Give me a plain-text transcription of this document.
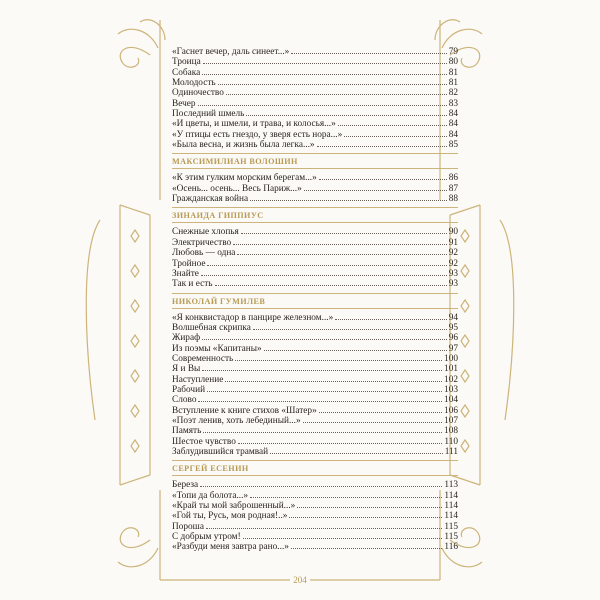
«Гаснет вечер, даль синеет...»	79
Троица	80
Собака	81
Молодость	81
Одиночество	82
Вечер	83
Последний шмель	84
«И цветы, и шмели, и трава, и колосья...»	84
«У птицы есть гнездо, у зверя есть нора...»	84
«Была весна, и жизнь была легка...»	85
МАКСИМИЛИАН ВОЛОШИН
«К этим гулким морским берегам...»	86
«Осень... осень... Весь Париж...»	87
Гражданская война	88
ЗИНАИДА ГИППИУС
Снежные хлопья	90
Электричество	91
Любовь — одна	92
Тройное	92
Знайте	93
Так и есть	93
НИКОЛАЙ ГУМИЛЕВ
«Я конквистадор в панцире железном...»	94
Волшебная скрипка	95
Жираф	96
Из поэмы «Капитаны»	97
Современность	100
Я и Вы	101
Наступление	102
Рабочий	103
Слово	104
Вступление к книге стихов «Шатер»	106
«Поэт ленив, хоть лебединый...»	107
Память	108
Шестое чувство	110
Заблудившийся трамвай	111
СЕРГЕЙ ЕСЕНИН
Береза	113
«Топи да болота...»	114
«Край ты мой заброшенный...»	114
«Гой ты, Русь, моя родная!..»	114
Пороша	115
С добрым утром!	115
«Разбуди меня завтра рано...»	116
204
